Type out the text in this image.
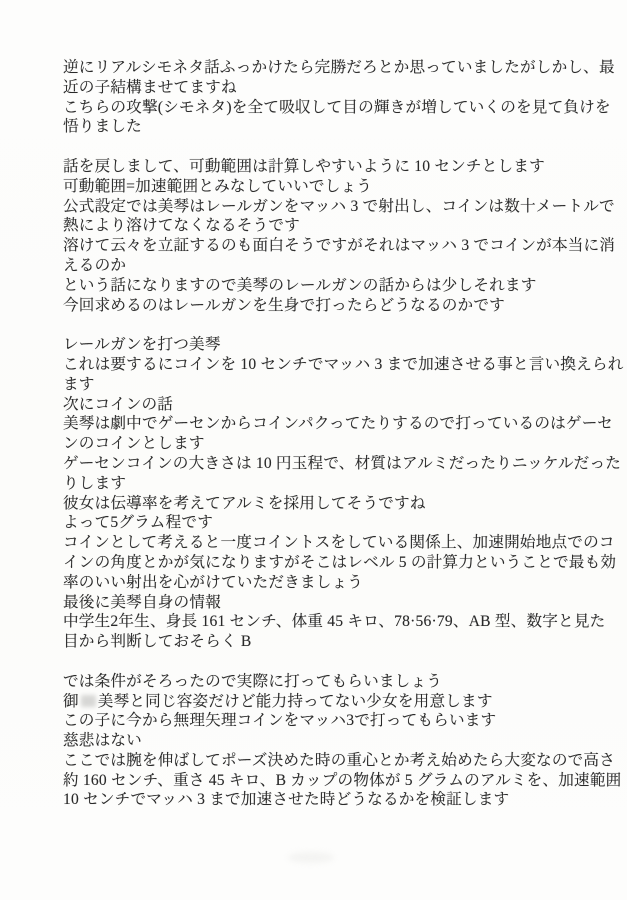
逆にリアルシモネタ話ふっかけたら完勝だろとか思っていましたがしかし、最
近の子結構ませてますね
こちらの攻撃(シモネタ)を全て吸収して目の輝きが増していくのを見て負けを
悟りました
話を戻しまして、可動範囲は計算しやすいように 10 センチとします
可動範囲=加速範囲とみなしていいでしょう
公式設定では美琴はレールガンをマッハ 3 で射出し、コインは数十メートルで
熱により溶けてなくなるそうです
溶けて云々を立証するのも面白そうですがそれはマッハ 3 でコインが本当に消
えるのか
という話になりますので美琴のレールガンの話からは少しそれます
今回求めるのはレールガンを生身で打ったらどうなるのかです
レールガンを打つ美琴
これは要するにコインを 10 センチでマッハ 3 まで加速させる事と言い換えられ
ます
次にコインの話
美琴は劇中でゲーセンからコインパクってたりするので打っているのはゲーセ
ンのコインとします
ゲーセンコインの大きさは 10 円玉程で、材質はアルミだったりニッケルだった
りします
彼女は伝導率を考えてアルミを採用してそうですね
よって5グラム程です
コインとして考えると一度コイントスをしている関係上、加速開始地点でのコ
インの角度とかが気になりますがそこはレベル 5 の計算力ということで最も効
率のいい射出を心がけていただきましょう
最後に美琴自身の情報
中学生2年生、身長 161 センチ、体重 45 キロ、78·56·79、AB 型、数字と見た
目から判断しておそらく B
では条件がそろったので実際に打ってもらいましょう
御 美琴と同じ容姿だけど能力持ってない少女を用意します
この子に今から無理矢理コインをマッハ3で打ってもらいます
慈悲はない
ここでは腕を伸ばしてポーズ決めた時の重心とか考え始めたら大変なので高さ
約 160 センチ、重さ 45 キロ、B カップの物体が 5 グラムのアルミを、加速範囲
10 センチでマッハ 3 まで加速させた時どうなるかを検証します
